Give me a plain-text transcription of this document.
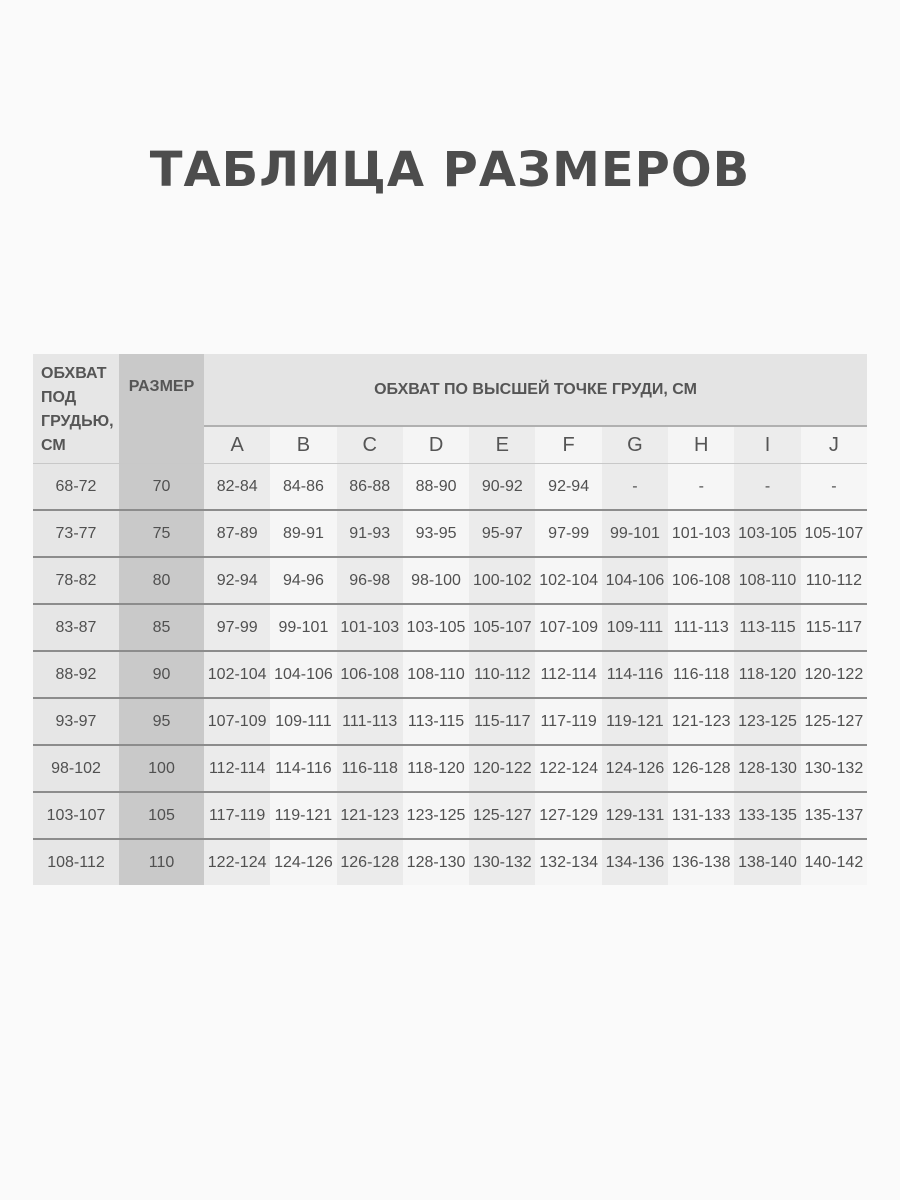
ТАБЛИЦА РАЗМЕРОВ
ОБХВАТ ПОД ГРУДЬЮ, СМ	РАЗМЕР	ОБХВАТ ПО ВЫСШЕЙ ТОЧКЕ ГРУДИ, СМ									
		A	B	C	D	E	F	G	H	I	J
68-72	70	82-84	84-86	86-88	88-90	90-92	92-94	-	-	-	-
73-77	75	87-89	89-91	91-93	93-95	95-97	97-99	99-101	101-103	103-105	105-107
78-82	80	92-94	94-96	96-98	98-100	100-102	102-104	104-106	106-108	108-110	110-112
83-87	85	97-99	99-101	101-103	103-105	105-107	107-109	109-111	111-113	113-115	115-117
88-92	90	102-104	104-106	106-108	108-110	110-112	112-114	114-116	116-118	118-120	120-122
93-97	95	107-109	109-111	111-113	113-115	115-117	117-119	119-121	121-123	123-125	125-127
98-102	100	112-114	114-116	116-118	118-120	120-122	122-124	124-126	126-128	128-130	130-132
103-107	105	117-119	119-121	121-123	123-125	125-127	127-129	129-131	131-133	133-135	135-137
108-112	110	122-124	124-126	126-128	128-130	130-132	132-134	134-136	136-138	138-140	140-142
